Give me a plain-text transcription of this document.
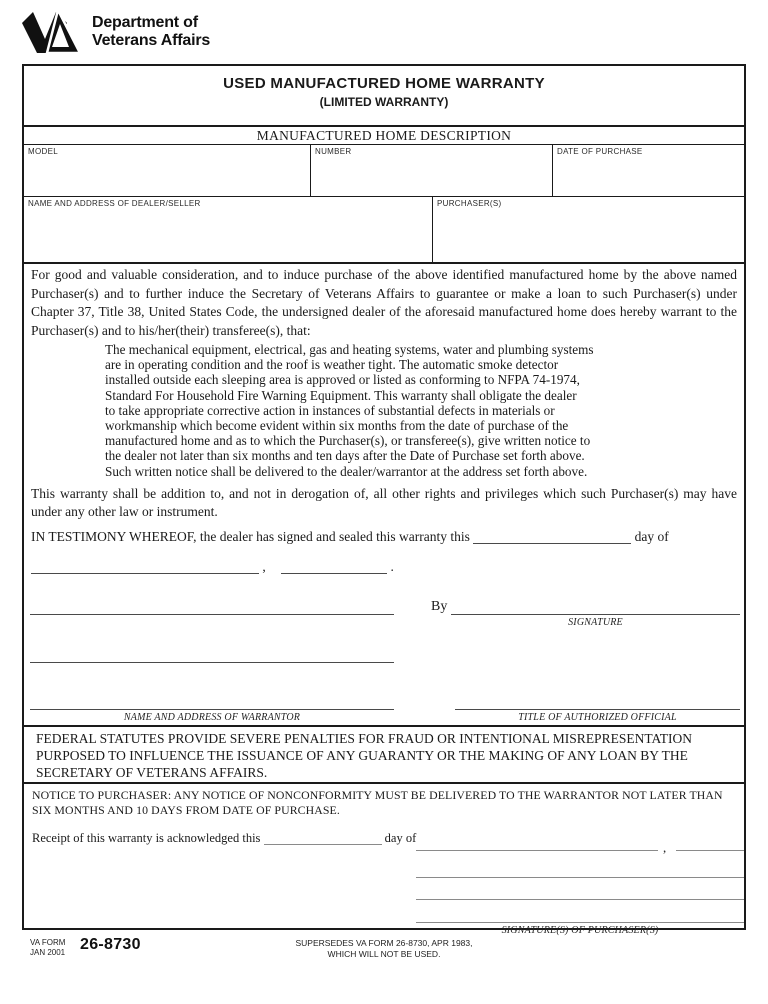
Department of
Veterans Affairs
USED MANUFACTURED HOME WARRANTY
(LIMITED WARRANTY)
MANUFACTURED HOME DESCRIPTION
MODEL	NUMBER	DATE OF PURCHASE
NAME AND ADDRESS OF DEALER/SELLER	PURCHASER(S)

For good and valuable consideration, and to induce purchase of the above identified manufactured home by the above named Purchaser(s) and to further induce the Secretary of Veterans Affairs to guarantee or make a loan to such Purchaser(s) under Chapter 37, Title 38, United States Code, the undersigned dealer of the aforesaid manufactured home does hereby warrant to the Purchaser(s) and to his/her(their) transferee(s), that:

The mechanical equipment, electrical, gas and heating systems, water and plumbing systems
are in operating condition and the roof is weather tight. The automatic smoke detector
installed outside each sleeping area is approved or listed as conforming to NFPA 74-1974,
Standard For Household Fire Warning Equipment. This warranty shall obligate the dealer
to take appropriate corrective action in instances of substantial defects in materials or
workmanship which become evident within six months from the date of purchase of the
manufactured home and as to which the Purchaser(s), or transferee(s), give written notice to
the dealer not later than six months and ten days after the Date of Purchase set forth above.
Such written notice shall be delivered to the dealer/warrantor at the address set forth above.

This warranty shall be addition to, and not in derogation of, all other rights and privileges which such Purchaser(s) may have under any other law or instrument.

IN TESTIMONY WHEREOF, the dealer has signed and sealed this warranty this	day of
,	.
NAME AND ADDRESS OF WARRANTOR
By
SIGNATURE
TITLE OF AUTHORIZED OFFICIAL
FEDERAL STATUTES PROVIDE SEVERE PENALTIES FOR FRAUD OR INTENTIONAL MISREPRESENTATION PURPOSED TO INFLUENCE THE ISSUANCE OF ANY GUARANTY OR THE MAKING OF ANY LOAN BY THE SECRETARY OF VETERANS AFFAIRS.
NOTICE TO PURCHASER: ANY NOTICE OF NONCONFORMITY MUST BE DELIVERED TO THE WARRANTOR NOT LATER THAN SIX MONTHS AND 10 DAYS FROM DATE OF PURCHASE.
Receipt of this warranty is acknowledged this	day of
,
SIGNATURE(S) OF PURCHASER(S)
VA FORM
JAN 2001 26-8730	SUPERSEDES VA FORM 26-8730, APR 1983,
WHICH WILL NOT BE USED.
